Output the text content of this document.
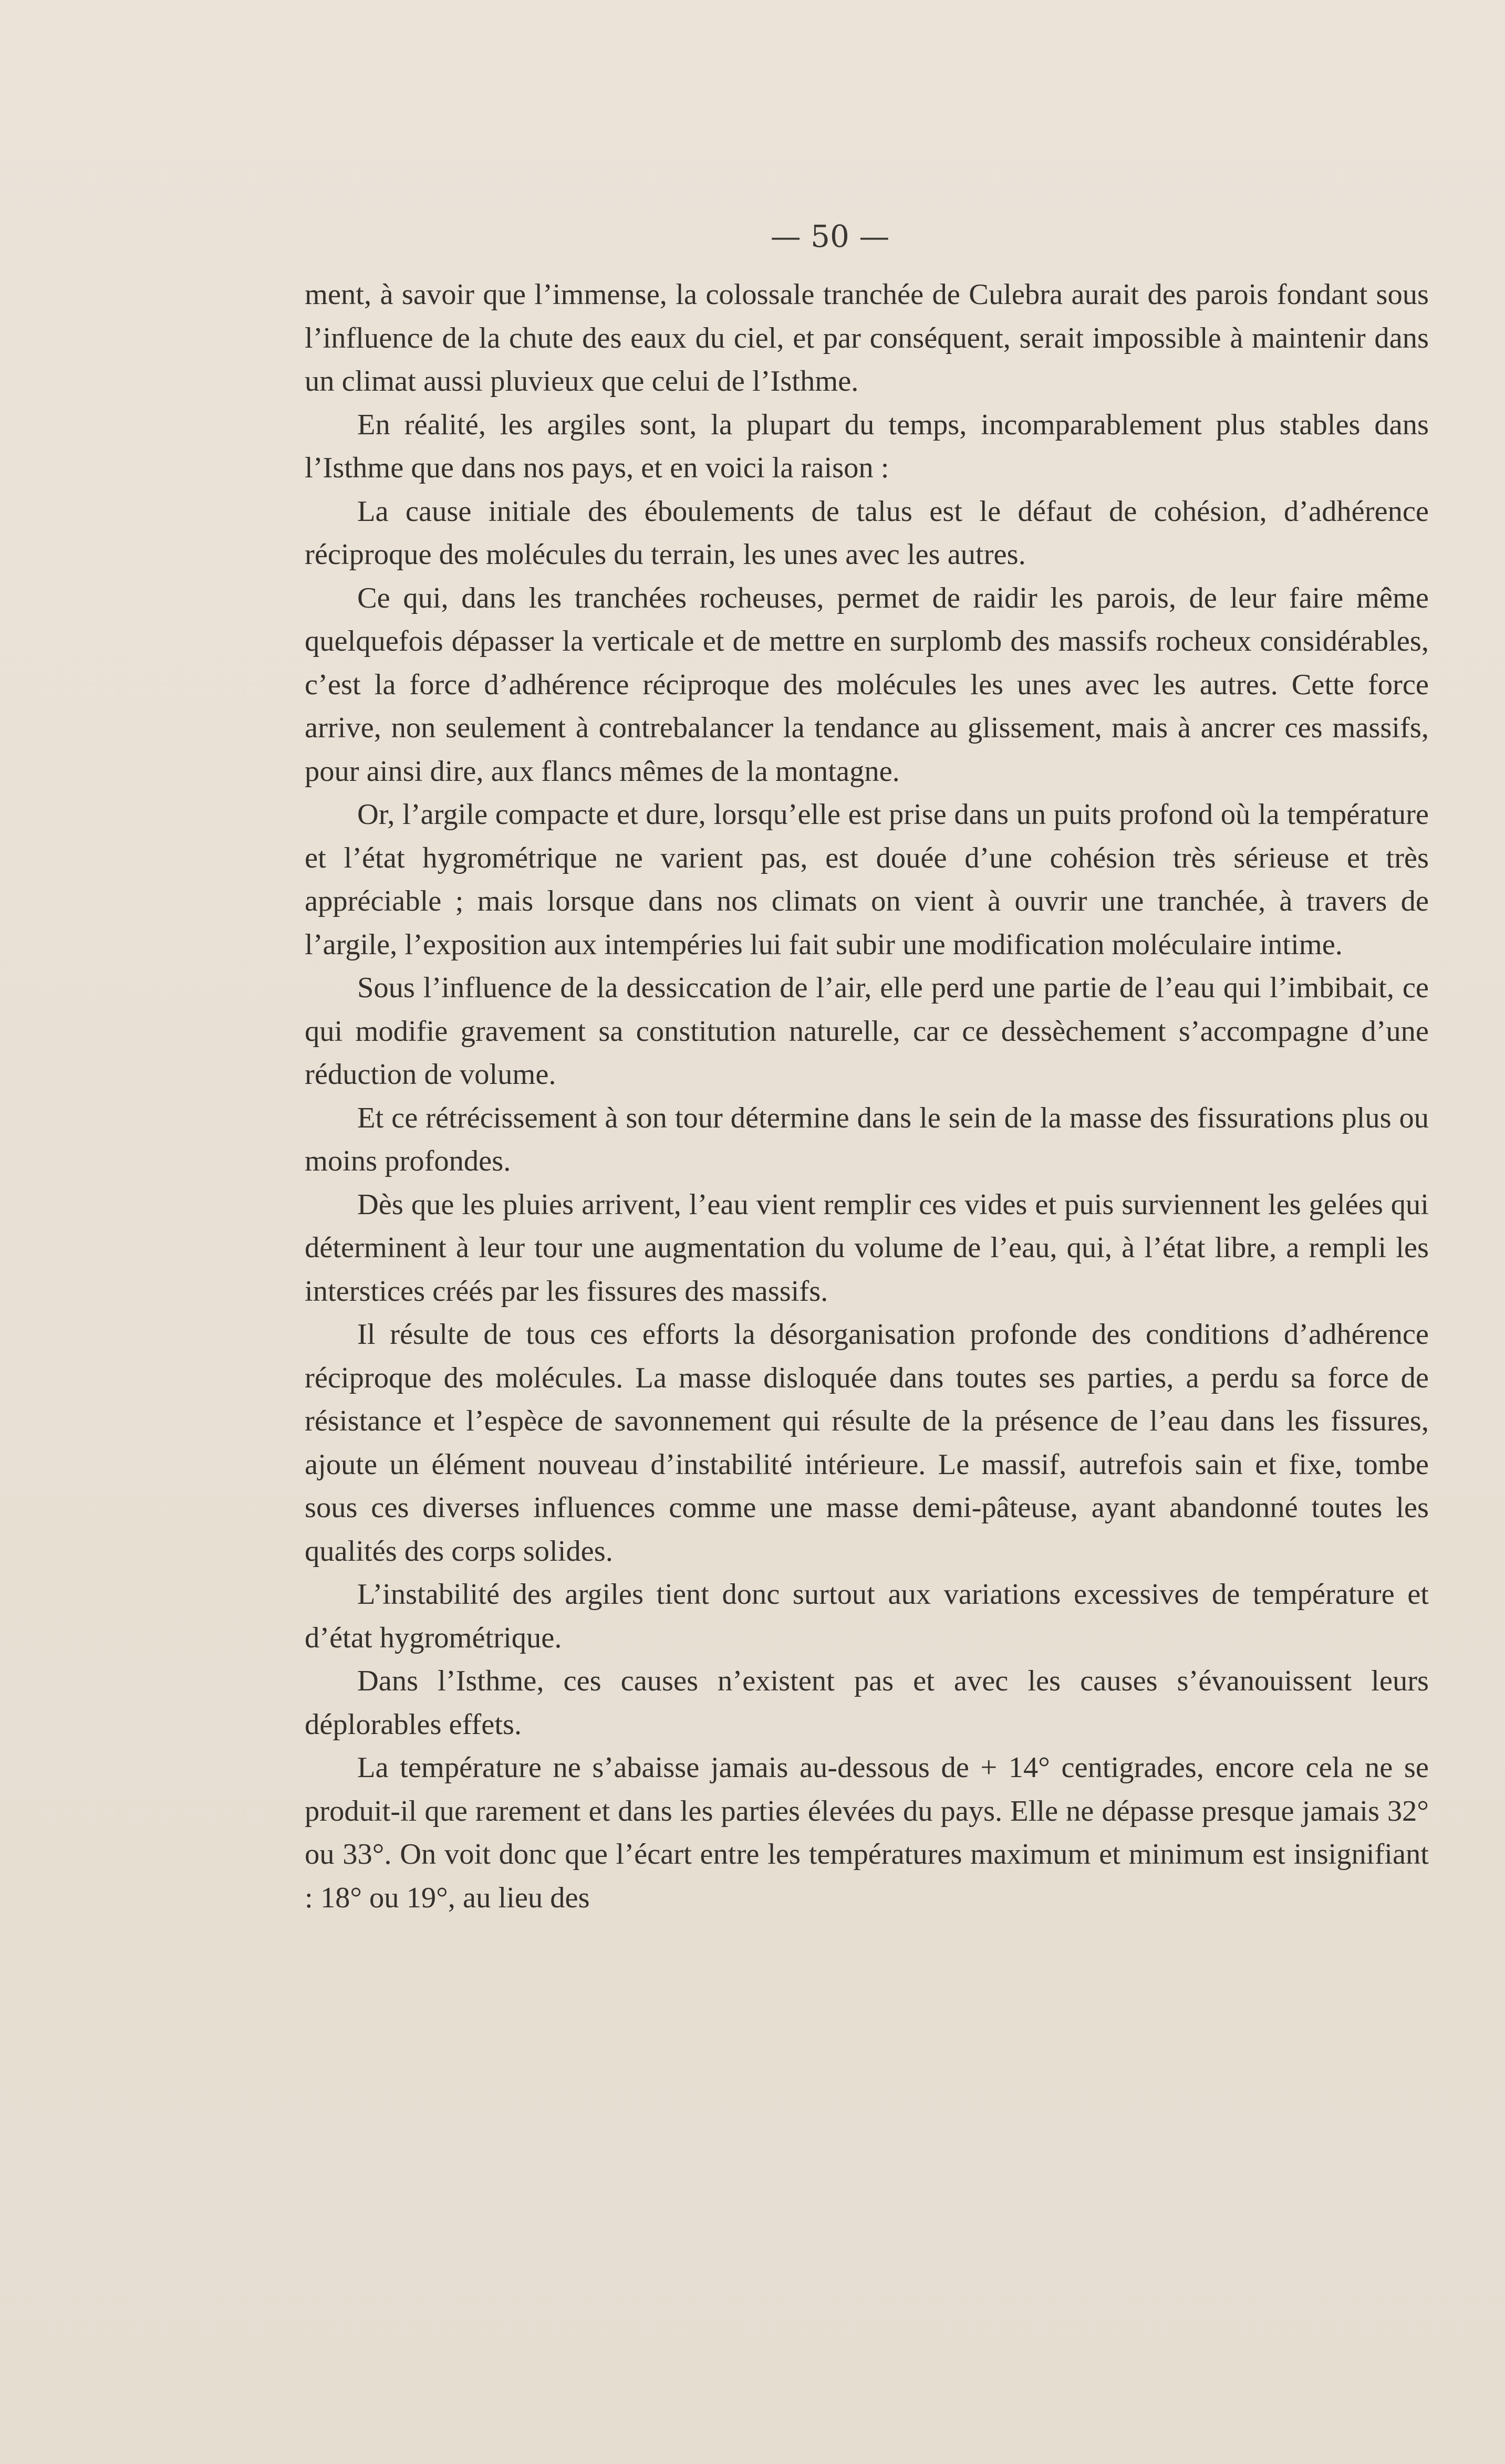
— 50 —

ment, à savoir que l’immense, la colossale tranchée de Culebra aurait des parois fondant sous l’influence de la chute des eaux du ciel, et par conséquent, serait impossible à maintenir dans un climat aussi pluvieux que celui de l’Isthme.

En réalité, les argiles sont, la plupart du temps, incomparablement plus stables dans l’Isthme que dans nos pays, et en voici la raison :

La cause initiale des éboulements de talus est le défaut de cohésion, d’adhérence réciproque des molécules du terrain, les unes avec les autres.

Ce qui, dans les tranchées rocheuses, permet de raidir les parois, de leur faire même quelquefois dépasser la verticale et de mettre en surplomb des massifs rocheux considérables, c’est la force d’adhérence réciproque des molécules les unes avec les autres. Cette force arrive, non seulement à contrebalancer la tendance au glissement, mais à ancrer ces massifs, pour ainsi dire, aux flancs mêmes de la montagne.

Or, l’argile compacte et dure, lorsqu’elle est prise dans un puits profond où la température et l’état hygrométrique ne varient pas, est douée d’une cohésion très sérieuse et très appréciable ; mais lorsque dans nos climats on vient à ouvrir une tranchée, à travers de l’argile, l’exposition aux intempéries lui fait subir une modification moléculaire intime.

Sous l’influence de la dessiccation de l’air, elle perd une partie de l’eau qui l’imbibait, ce qui modifie gravement sa constitution naturelle, car ce dessèchement s’accompagne d’une réduction de volume.

Et ce rétrécissement à son tour détermine dans le sein de la masse des fissurations plus ou moins profondes.

Dès que les pluies arrivent, l’eau vient remplir ces vides et puis surviennent les gelées qui déterminent à leur tour une augmentation du volume de l’eau, qui, à l’état libre, a rempli les interstices créés par les fissures des massifs.

Il résulte de tous ces efforts la désorganisation profonde des conditions d’adhérence réciproque des molécules. La masse disloquée dans toutes ses parties, a perdu sa force de résistance et l’espèce de savonnement qui résulte de la présence de l’eau dans les fissures, ajoute un élément nouveau d’instabilité intérieure. Le massif, autrefois sain et fixe, tombe sous ces diverses influences comme une masse demi-pâteuse, ayant abandonné toutes les qualités des corps solides.

L’instabilité des argiles tient donc surtout aux variations excessives de température et d’état hygrométrique.

Dans l’Isthme, ces causes n’existent pas et avec les causes s’évanouissent leurs déplorables effets.

La température ne s’abaisse jamais au-dessous de + 14° centigrades, encore cela ne se produit-il que rarement et dans les parties élevées du pays. Elle ne dépasse presque jamais 32° ou 33°. On voit donc que l’écart entre les températures maximum et minimum est insignifiant : 18° ou 19°, au lieu des
